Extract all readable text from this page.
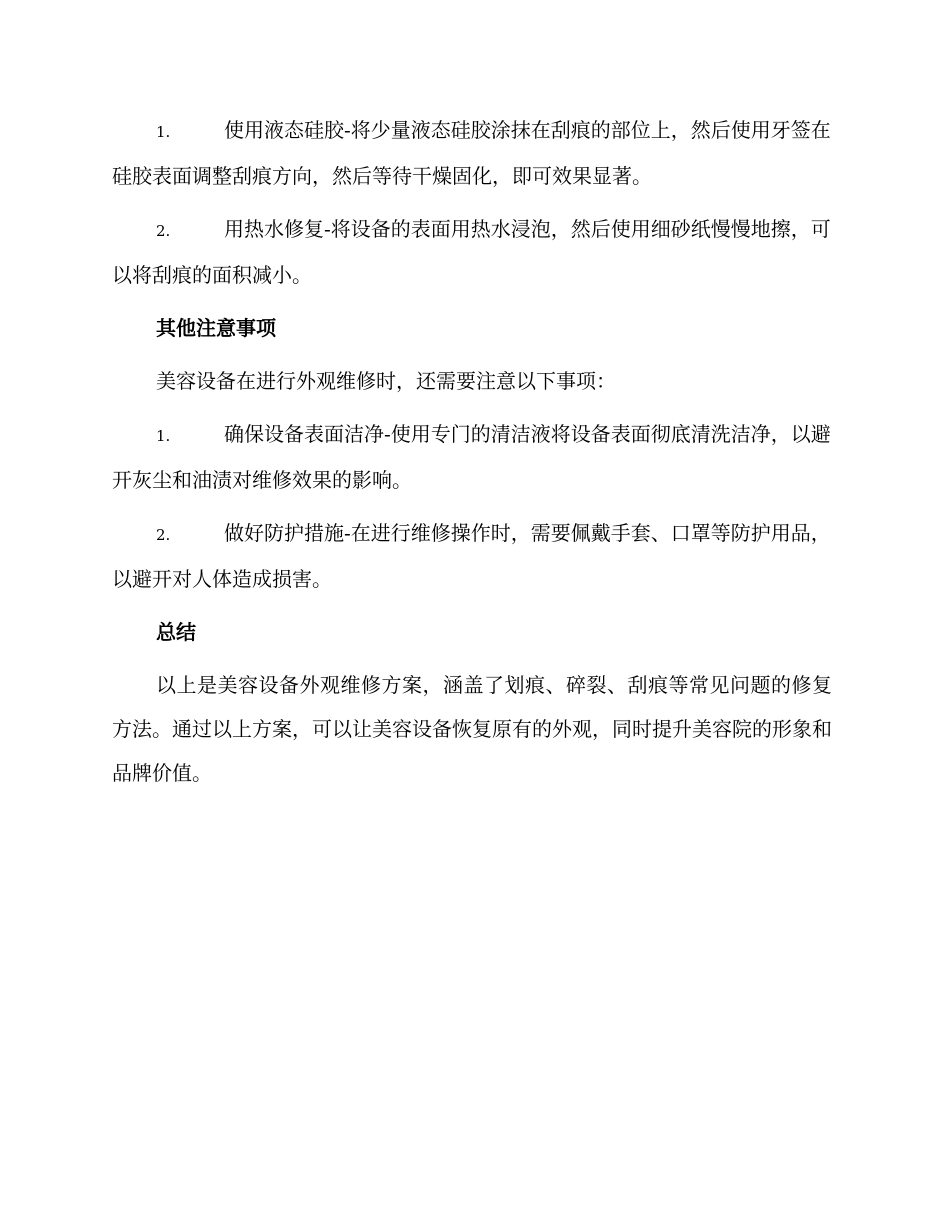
1.	使用液态硅胶-将少量液态硅胶涂抹在刮痕的部位上，然后使用牙签在硅胶表面调整刮痕方向，然后等待干燥固化，即可效果显著。

2.	用热水修复-将设备的表面用热水浸泡，然后使用细砂纸慢慢地擦，可以将刮痕的面积减小。

其他注意事项

美容设备在进行外观维修时，还需要注意以下事项：

1.	确保设备表面洁净-使用专门的清洁液将设备表面彻底清洗洁净，以避开灰尘和油渍对维修效果的影响。

2.	做好防护措施-在进行维修操作时，需要佩戴手套、口罩等防护用品，以避开对人体造成损害。

总结

以上是美容设备外观维修方案，涵盖了划痕、碎裂、刮痕等常见问题的修复方法。通过以上方案，可以让美容设备恢复原有的外观，同时提升美容院的形象和品牌价值。
